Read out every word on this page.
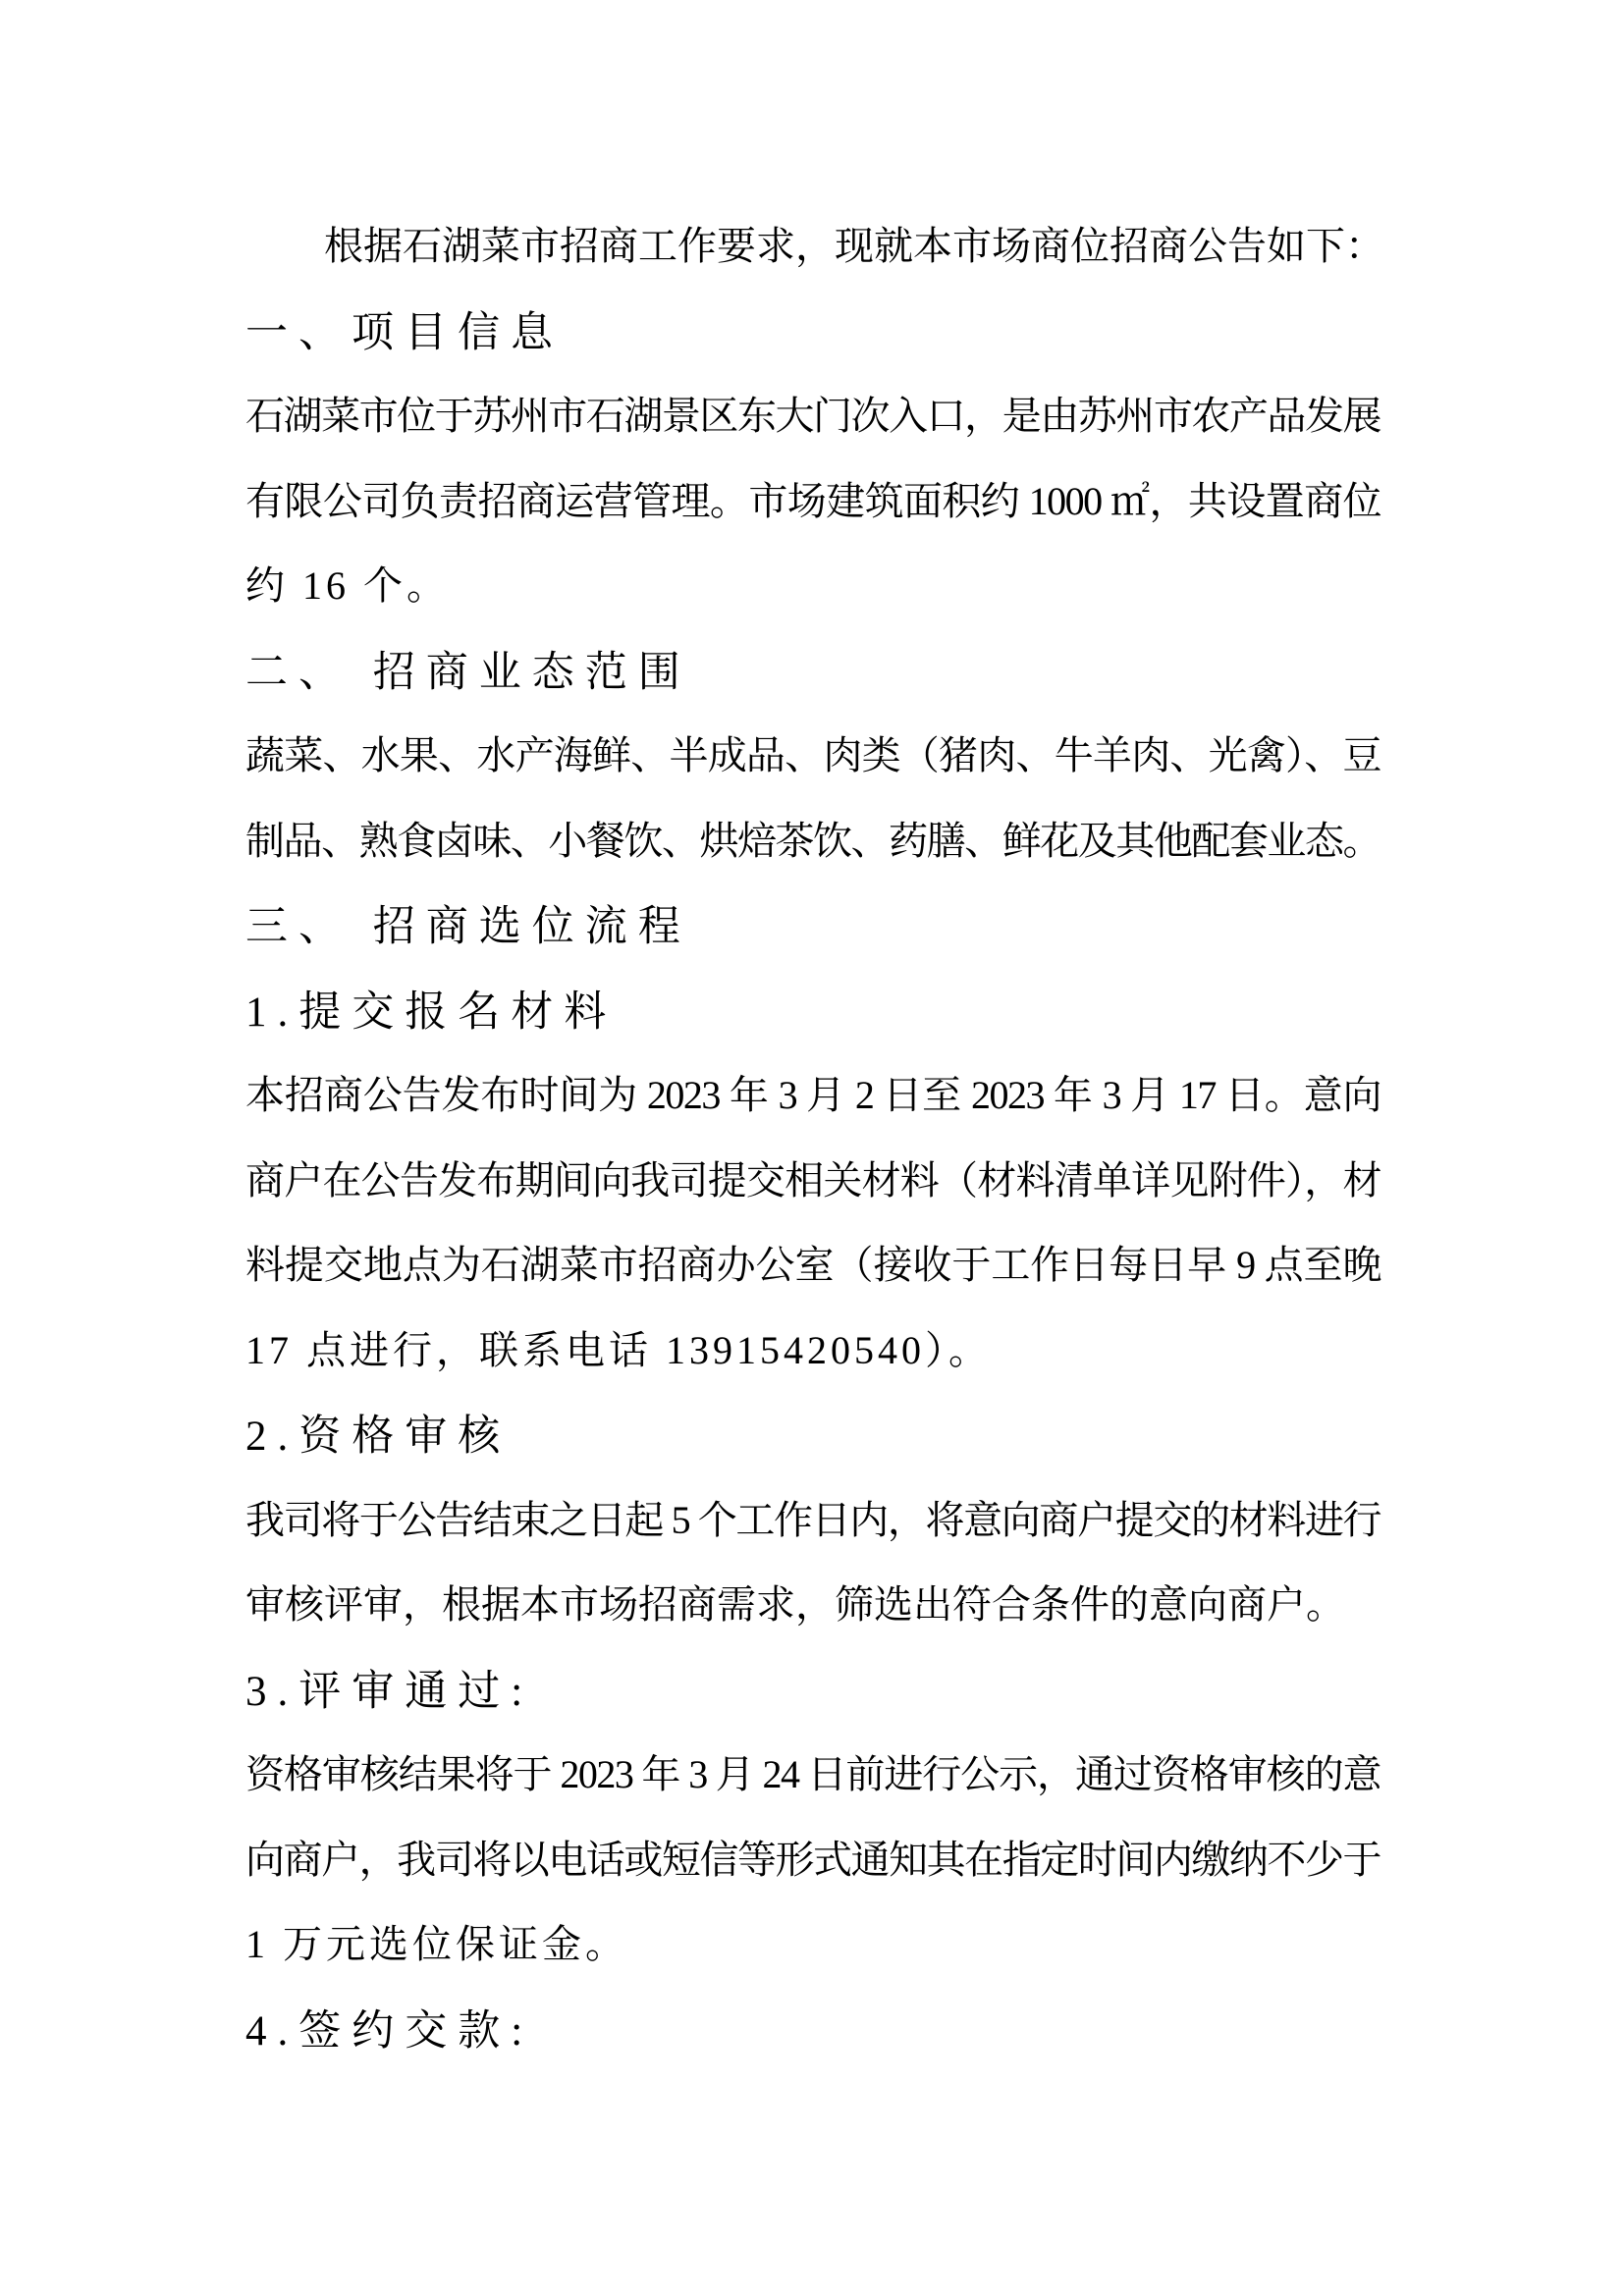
根据石湖菜市招商工作要求，现就本市场商位招商公告如下：
一、项目信息
石湖菜市位于苏州市石湖景区东大门次入口，是由苏州市农产品发展
有限公司负责招商运营管理。市场建筑面积约 1000 ㎡，共设置商位
约 16 个。
二、 招商业态范围
蔬菜、水果、水产海鲜、半成品、肉类（猪肉、牛羊肉、光禽）、豆
制品、熟食卤味、小餐饮、烘焙茶饮、药膳、鲜花及其他配套业态。
三、 招商选位流程
1.提交报名材料
本招商公告发布时间为 2023 年 3 月 2 日至 2023 年 3 月 17 日。意向
商户在公告发布期间向我司提交相关材料（材料清单详见附件），材
料提交地点为石湖菜市招商办公室（接收于工作日每日早 9 点至晚
17 点进行，联系电话 13915420540）。
2.资格审核
我司将于公告结束之日起 5 个工作日内，将意向商户提交的材料进行
审核评审，根据本市场招商需求，筛选出符合条件的意向商户。
3.评审通过:
资格审核结果将于 2023 年 3 月 24 日前进行公示，通过资格审核的意
向商户，我司将以电话或短信等形式通知其在指定时间内缴纳不少于
1 万元选位保证金。
4.签约交款:
